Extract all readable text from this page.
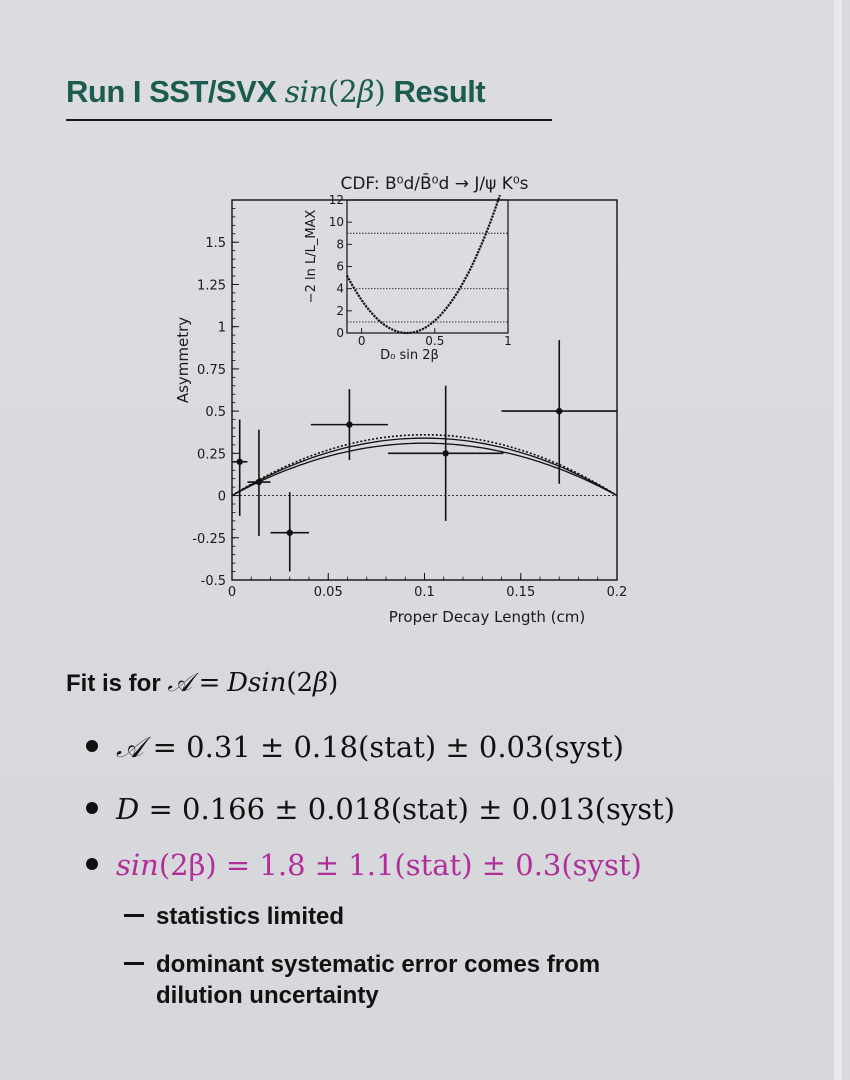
Run I SST/SVX sin(2β) Result
CDF: B⁰d/B̄⁰d → J/ψ K⁰s
-0.5
-0.25
0
0.25
0.5
0.75
1
1.25
1.5
0	0.05	0.1	0.15	0.2
Proper Decay Length (cm)
Asymmetry	0
2
4
6
8
10
12
0	0.5	1
D₀ sin 2β
−2 ln L/L_MAX
Fit is for 𝒜 = Dsin(2β)
𝒜 = 0.31 ± 0.18(stat) ± 0.03(syst)
D = 0.166 ± 0.018(stat) ± 0.013(syst)
sin(2β) = 1.8 ± 1.1(stat) ± 0.3(syst)
statistics limited
dominant systematic error comes from
dilution uncertainty
